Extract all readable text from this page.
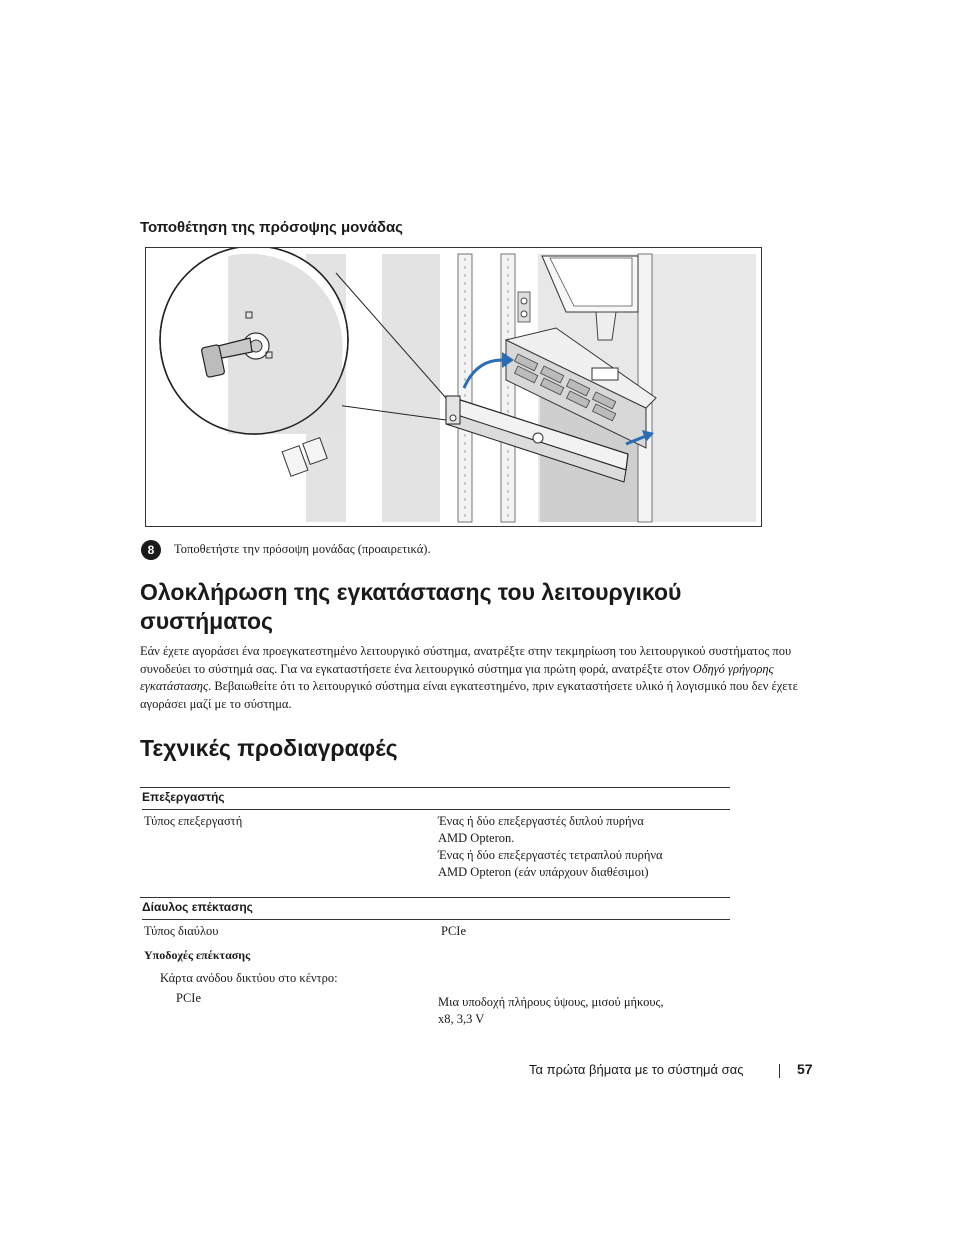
Τοποθέτηση της πρόσοψης μονάδας
8	Τοποθετήστε την πρόσοψη μονάδας (προαιρετικά).
Ολοκλήρωση της εγκατάστασης του λειτουργικού συστήματος
Εάν έχετε αγοράσει ένα προεγκατεστημένο λειτουργικό σύστημα, ανατρέξτε στην τεκμηρίωση του λειτουργικού συστήματος που συνοδεύει το σύστημά σας. Για να εγκαταστήσετε ένα λειτουργικό σύστημα για πρώτη φορά, ανατρέξτε στον Οδηγό γρήγορης εγκατάστασης. Βεβαιωθείτε ότι το λειτουργικό σύστημα είναι εγκατεστημένο, πριν εγκαταστήσετε υλικό ή λογισμικό που δεν έχετε αγοράσει μαζί με το σύστημα.
Τεχνικές προδιαγραφές
Επεξεργαστής
Τύπος επεξεργαστή	Ένας ή δύο επεξεργαστές διπλού πυρήνα
AMD Opteron.
Ένας ή δύο επεξεργαστές τετραπλού πυρήνα
AMD Opteron (εάν υπάρχουν διαθέσιμοι)
Δίαυλος επέκτασης
Τύπος διαύλου	PCIe
Υποδοχές επέκτασης
Κάρτα ανόδου δικτύου στο κέντρο:
PCIe	Μια υποδοχή πλήρους ύψους, μισού μήκους,
x8, 3,3 V
Τα πρώτα βήματα με το σύστημά σας	57
